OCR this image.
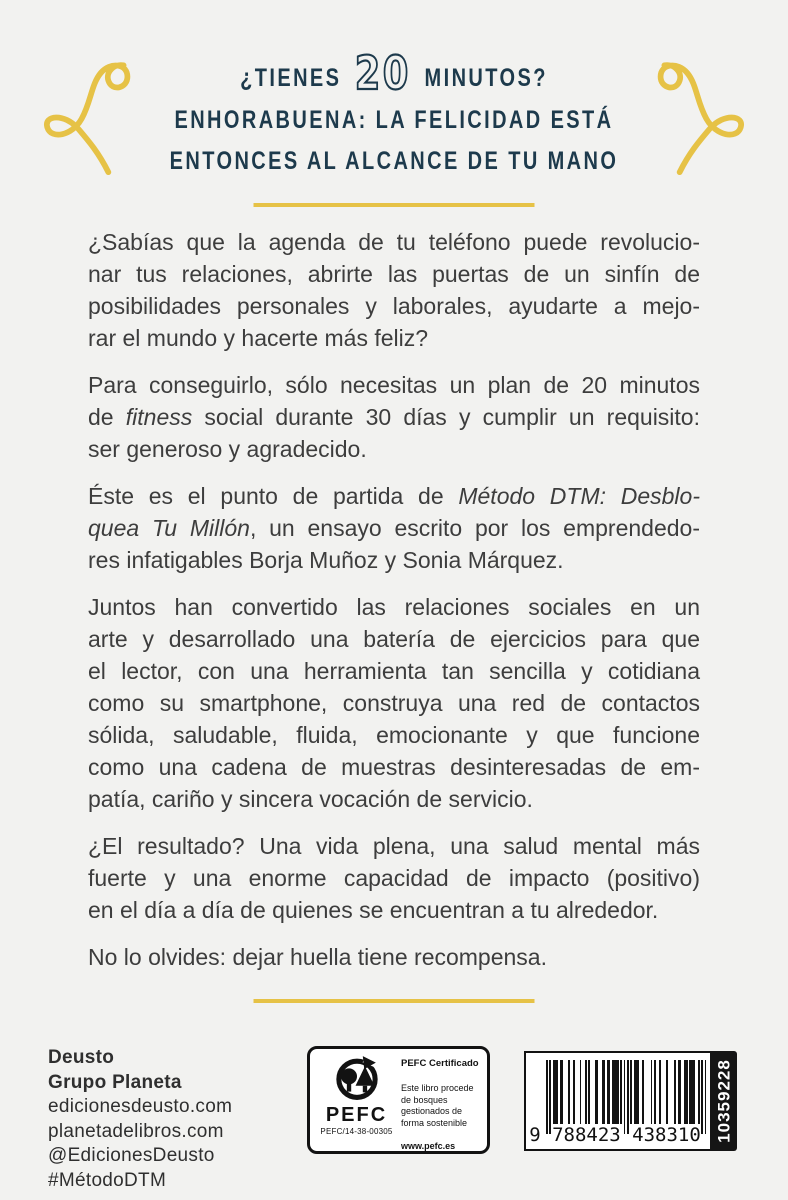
¿TIENES 20 MINUTOS?
ENHORABUENA: LA FELICIDAD ESTÁ
ENTONCES AL ALCANCE DE TU MANO
¿Sabías que la agenda de tu teléfono puede revolucio-
nar tus relaciones, abrirte las puertas de un sinfín de
posibilidades personales y laborales, ayudarte a mejo-
rar el mundo y hacerte más feliz?
Para conseguirlo, sólo necesitas un plan de 20 minutos
de fitness social durante 30 días y cumplir un requisito:
ser generoso y agradecido.
Éste es el punto de partida de Método DTM: Desblo-
quea Tu Millón, un ensayo escrito por los emprendedo-
res infatigables Borja Muñoz y Sonia Márquez.
Juntos han convertido las relaciones sociales en un
arte y desarrollado una batería de ejercicios para que
el lector, con una herramienta tan sencilla y cotidiana
como su smartphone, construya una red de contactos
sólida, saludable, fluida, emocionante y que funcione
como una cadena de muestras desinteresadas de em-
patía, cariño y sincera vocación de servicio.
¿El resultado? Una vida plena, una salud mental más
fuerte y una enorme capacidad de impacto (positivo)
en el día a día de quienes se encuentran a tu alrededor.
No lo olvides: dejar huella tiene recompensa.
Deusto
Grupo Planeta
edicionesdeusto.com
planetadelibros.com
@EdicionesDeusto
#MétodoDTM
PEFC
PEFC/14-38-00305
PEFC Certificado
Este libro procede de bosques gestionados de forma sostenible
www.pefc.es	9 788423 438310 10359228
